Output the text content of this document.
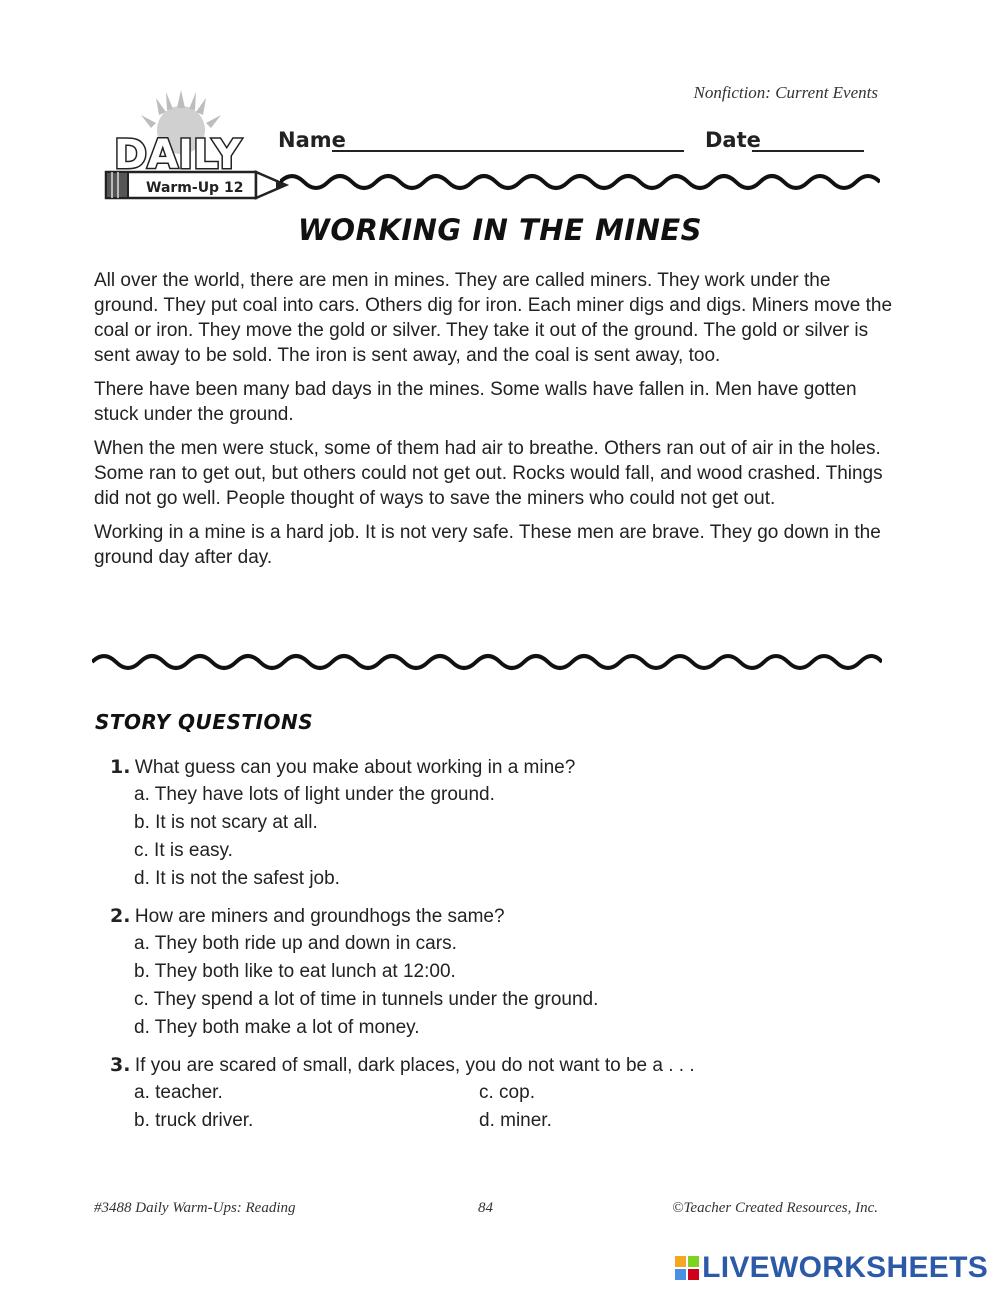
Nonfiction: Current Events
DAILY
Warm-Up 12
Name	Date
WORKING IN THE MINES

All over the world, there are men in mines. They are called miners. They work under the ground. They put coal into cars. Others dig for iron. Each miner digs and digs. Miners move the coal or iron. They move the gold or silver. They take it out of the ground. The gold or silver is sent away to be sold. The iron is sent away, and the coal is sent away, too.

There have been many bad days in the mines. Some walls have fallen in. Men have gotten stuck under the ground.

When the men were stuck, some of them had air to breathe. Others ran out of air in the holes. Some ran to get out, but others could not get out. Rocks would fall, and wood crashed. Things did not go well. People thought of ways to save the miners who could not get out.

Working in a mine is a hard job. It is not very safe. These men are brave. They go down in the ground day after day.

STORY QUESTIONS
1. What guess can you make about working in a mine?
a. They have lots of light under the ground.
b. It is not scary at all.
c. It is easy.
d. It is not the safest job.
2. How are miners and groundhogs the same?
a. They both ride up and down in cars.
b. They both like to eat lunch at 12:00.
c. They spend a lot of time in tunnels under the ground.
d. They both make a lot of money.
3. If you are scared of small, dark places, you do not want to be a . . .
a. teacher.	c. cop.
b. truck driver.	d. miner.
#3488 Daily Warm-Ups: Reading	84	©Teacher Created Resources, Inc.
LIVEWORKSHEETS
